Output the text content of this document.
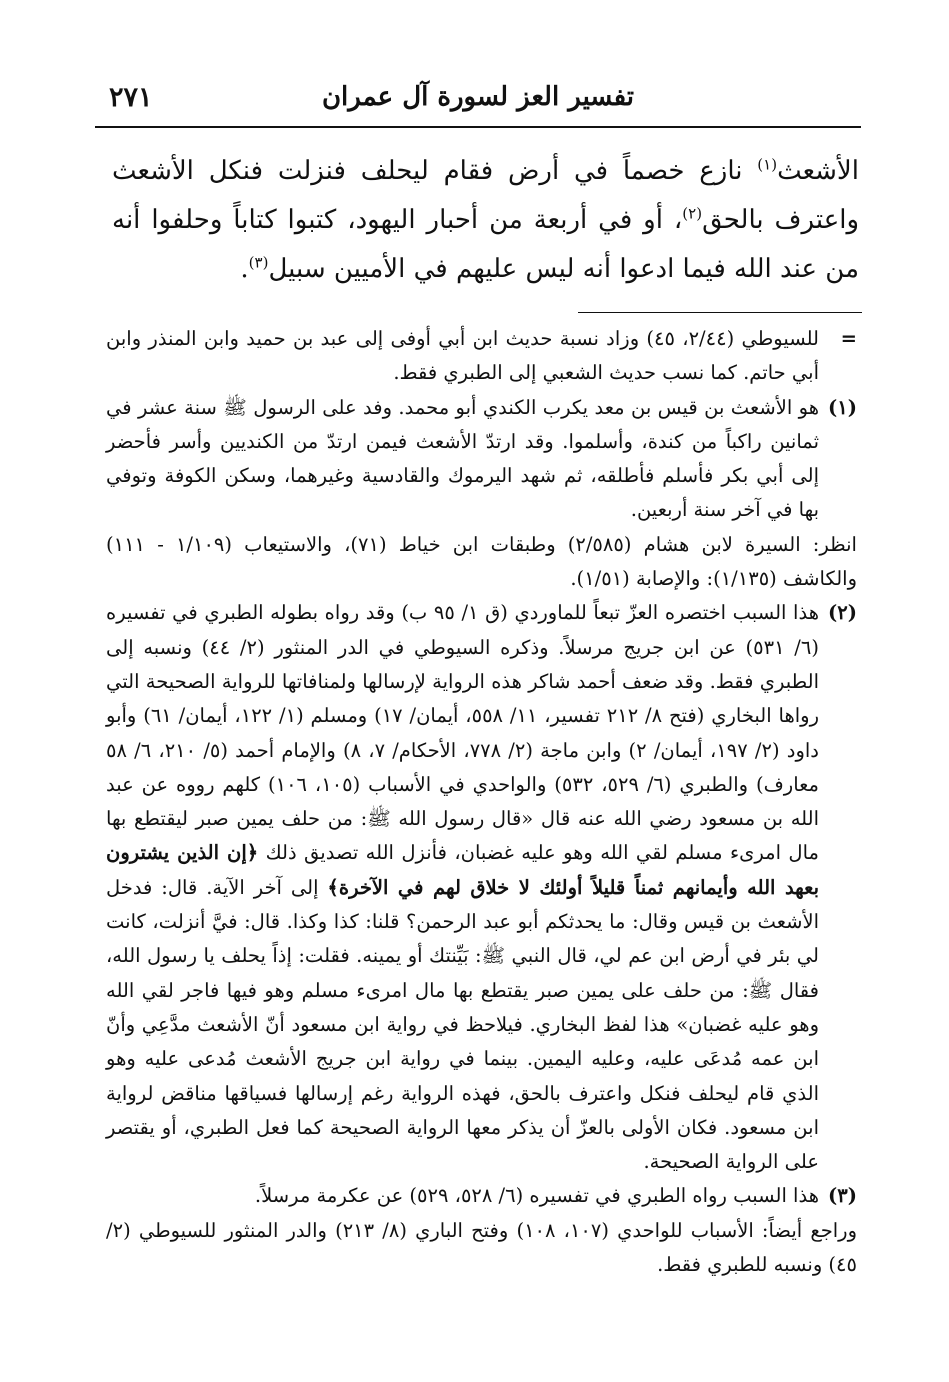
٢٧١	تفسير العز لسورة آل عمران

الأشعث$^{(١)}$ نازع خصماً في أرض فقام ليحلف فنزلت فنكل الأشعث واعترف بالحق$^{(٢)}$، أو في أربعة من أحبار اليهود، كتبوا كتاباً وحلفوا أنه من عند الله فيما ادعوا أنه ليس عليهم في الأميين سبيل$^{(٣)}$.

=

للسيوطي (٢/٤٤، ٤٥) وزاد نسبة حديث ابن أبي أوفى إلى عبد بن حميد وابن المنذر وابن أبي حاتم. كما نسب حديث الشعبي إلى الطبري فقط.

(١)

هو الأشعث بن قيس بن معد يكرب الكندي أبو محمد. وفد على الرسول ﷺ سنة عشر في ثمانين راكباً من كندة، وأسلموا. وقد ارتدّ الأشعث فيمن ارتدّ من الكنديين وأسر فأحضر إلى أبي بكر فأسلم فأطلقه، ثم شهد اليرموك والقادسية وغيرهما، وسكن الكوفة وتوفي بها في آخر سنة أربعين.

انظر: السيرة لابن هشام (٢/٥٨٥) وطبقات ابن خياط (٧١)، والاستيعاب (١/١٠٩ - ١١١) والكاشف (١/١٣٥): والإصابة (١/٥١).

(٢)

هذا السبب اختصره العزّ تبعاً للماوردي (ق ١/ ٩٥ ب) وقد رواه بطوله الطبري في تفسيره (٦/ ٥٣١) عن ابن جريج مرسلاً. وذكره السيوطي في الدر المنثور (٢/ ٤٤) ونسبه إلى الطبري فقط. وقد ضعف أحمد شاكر هذه الرواية لإرسالها ولمنافاتها للرواية الصحيحة التي رواها البخاري (فتح ٨/ ٢١٢ تفسير، ١١/ ٥٥٨، أيمان/ ١٧) ومسلم (١/ ١٢٢، أيمان/ ٦١) وأبو داود (٢/ ١٩٧، أيمان/ ٢) وابن ماجة (٢/ ٧٧٨، الأحكام/ ٧، ٨) والإمام أحمد (٥/ ٢١٠، ٦/ ٥٨ معارف) والطبري (٦/ ٥٢٩، ٥٣٢) والواحدي في الأسباب (١٠٥، ١٠٦) كلهم رووه عن عبد الله بن مسعود رضي الله عنه قال «قال رسول الله ﷺ: من حلف يمين صبر ليقتطع بها مال امرىء مسلم لقي الله وهو عليه غضبان، فأنزل الله تصديق ذلك ﴿إن الذين يشترون بعهد الله وأيمانهم ثمناً قليلاً أولئك لا خلاق لهم في الآخرة﴾ إلى آخر الآية. قال: فدخل الأشعث بن قيس وقال: ما يحدثكم أبو عبد الرحمن؟ قلنا: كذا وكذا. قال: فيَّ أنزلت، كانت لي بئر في أرض ابن عم لي، قال النبي ﷺ: بَيِّنتك أو يمينه. فقلت: إذاً يحلف يا رسول الله، فقال ﷺ: من حلف على يمين صبر يقتطع بها مال امرىء مسلم وهو فيها فاجر لقي الله وهو عليه غضبان» هذا لفظ البخاري. فيلاحظ في رواية ابن مسعود أنّ الأشعث مدَّعِي وأنّ ابن عمه مُدعَى عليه، وعليه اليمين. بينما في رواية ابن جريج الأشعث مُدعى عليه وهو الذي قام ليحلف فنكل واعترف بالحق، فهذه الرواية رغم إرسالها فسياقها مناقض لرواية ابن مسعود. فكان الأولى بالعزّ أن يذكر معها الرواية الصحيحة كما فعل الطبري، أو يقتصر على الرواية الصحيحة.

(٣)

هذا السبب رواه الطبري في تفسيره (٦/ ٥٢٨، ٥٢٩) عن عكرمة مرسلاً.

وراجع أيضاً: الأسباب للواحدي (١٠٧، ١٠٨) وفتح الباري (٨/ ٢١٣) والدر المنثور للسيوطي (٢/ ٤٥) ونسبه للطبري فقط.
